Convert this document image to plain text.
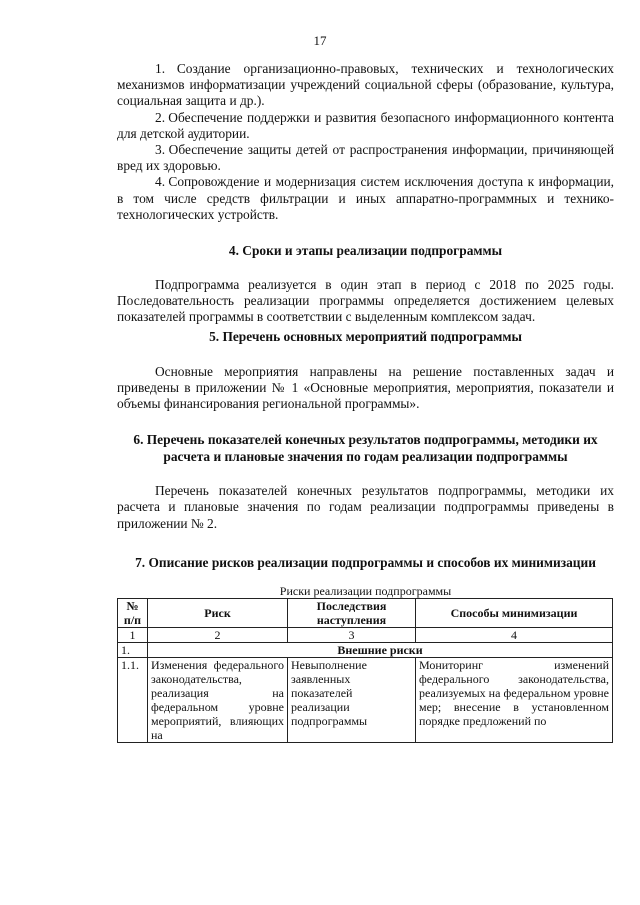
17

1.	Создание организационно-правовых, технических и технологических механизмов информатизации учреждений социальной сферы (образование, культура, социальная защита и др.).

2.	Обеспечение поддержки и развития безопасного информационного контента для детской аудитории.

3.	Обеспечение защиты детей от распространения информации, причиняющей вред их здоровью.

4.	Сопровождение и модернизация систем исключения доступа к информации, в том числе средств фильтрации и иных аппаратно-программных и технико-технологических устройств.

4. Сроки и этапы реализации подпрограммы

Подпрограмма реализуется в один этап в период с 2018 по 2025 годы. Последовательность реализации программы определяется достижением целевых показателей программы в соответствии с выделенным комплексом задач.

5. Перечень основных мероприятий подпрограммы

Основные мероприятия направлены на решение поставленных задач и приведены в приложении № 1 «Основные мероприятия, мероприятия, показатели и объемы финансирования региональной программы».

6. Перечень показателей конечных результатов подпрограммы, методики их расчета и плановые значения по годам реализации подпрограммы

Перечень показателей конечных результатов подпрограммы, методики их расчета и плановые значения по годам реализации подпрограммы приведены в приложении № 2.

7. Описание рисков реализации подпрограммы и способов их минимизации
Риски реализации подпрограммы
№ п/п	Риск	Последствия наступления	Способы минимизации
1	2	3	4
1.	Внешние риски		
1.1.	Изменения федерального законодательства, реализация на федеральном уровне мероприятий, влияющих на	Невыполнение заявленных показателей реализации подпрограммы	Мониторинг изменений федерального законодательства, реализуемых на федеральном уровне мер; внесение в установленном порядке предложений по
